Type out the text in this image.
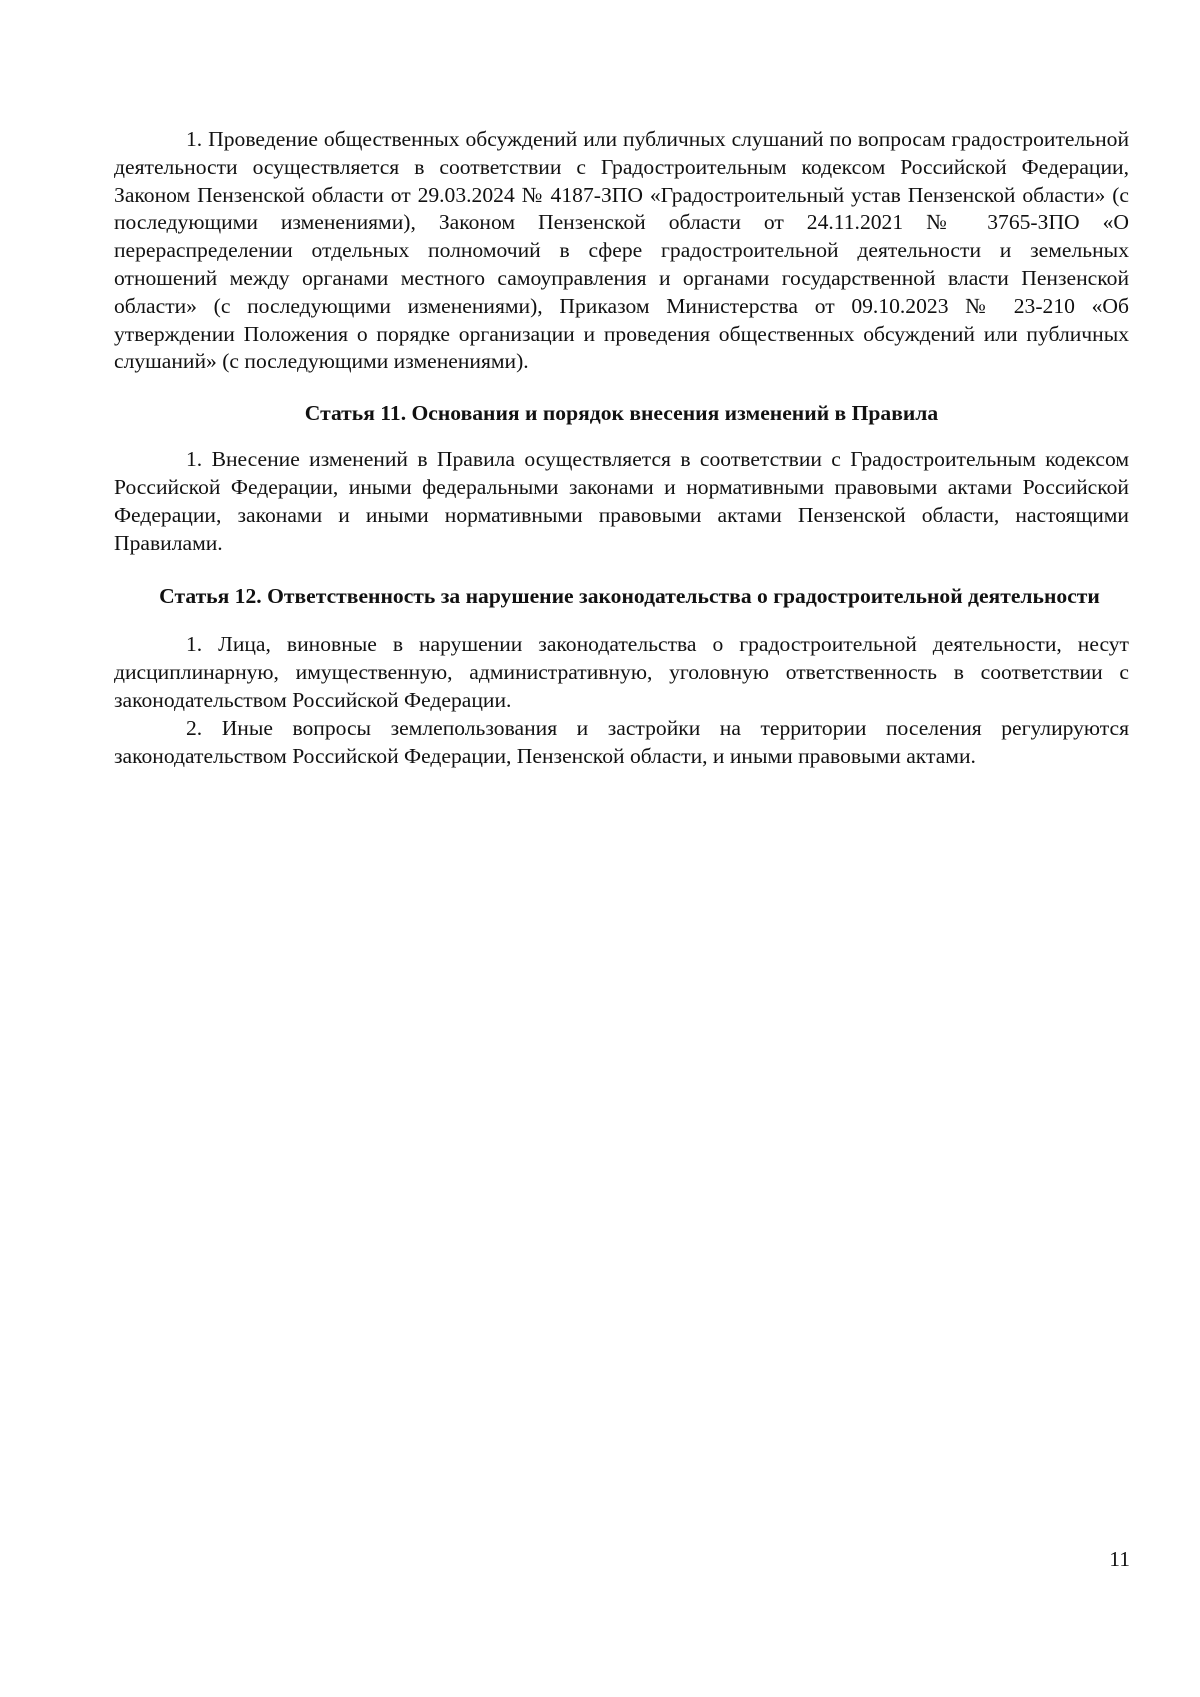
1. Проведение общественных обсуждений или публичных слушаний по вопросам градостроительной деятельности осуществляется в соответствии с Градостроительным кодексом Российской Федерации, Законом Пензенской области от 29.03.2024 № 4187-ЗПО «Градостроительный устав Пензенской области» (с последующими изменениями), Законом Пензенской области от 24.11.2021 № 3765-ЗПО «О перераспределении отдельных полномочий в сфере градостроительной деятельности и земельных отношений между органами местного самоуправления и органами государственной власти Пензенской области» (с последующими изменениями), Приказом Министерства от 09.10.2023 № 23-210 «Об утверждении Положения о порядке организации и проведения общественных обсуждений или публичных слушаний» (с последующими изменениями).

Статья 11. Основания и порядок внесения изменений в Правила

1. Внесение изменений в Правила осуществляется в соответствии с Градостроительным кодексом Российской Федерации, иными федеральными законами и нормативными правовыми актами Российской Федерации, законами и иными нормативными правовыми актами Пензенской области, настоящими Правилами.

Статья 12. Ответственность за нарушение законодательства о градостроительной деятельности

1. Лица, виновные в нарушении законодательства о градостроительной деятельности, несут дисциплинарную, имущественную, административную, уголовную ответственность в соответствии с законодательством Российской Федерации.

2. Иные вопросы землепользования и застройки на территории поселения регулируются законодательством Российской Федерации, Пензенской области, и иными правовыми актами.

11
